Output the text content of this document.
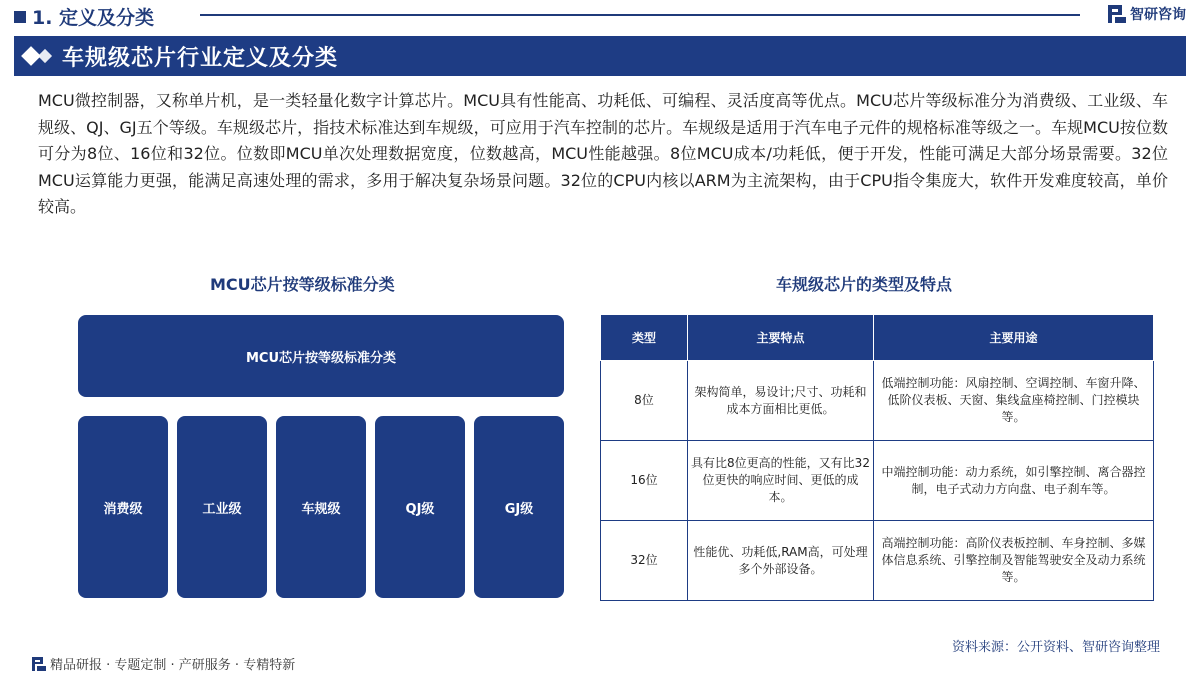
1. 定义及分类	智研咨询
车规级芯片行业定义及分类

MCU微控制器，又称单片机，是一类轻量化数字计算芯片。MCU具有性能高、功耗低、可编程、灵活度高等优点。MCU芯片等级标准分为消费级、工业级、车规级、QJ、GJ五个等级。车规级芯片，指技术标准达到车规级，可应用于汽车控制的芯片。车规级是适用于汽车电子元件的规格标准等级之一。车规MCU按位数可分为8位、16位和32位。位数即MCU单次处理数据宽度，位数越高，MCU性能越强。8位MCU成本/功耗低，便于开发，性能可满足大部分场景需要。32位MCU运算能力更强，能满足高速处理的需求，多用于解决复杂场景问题。32位的CPU内核以ARM为主流架构，由于CPU指令集庞大，软件开发难度较高，单价较高。

MCU芯片按等级标准分类	车规级芯片的类型及特点
MCU芯片按等级标准分类
消费级	工业级	车规级	QJ级	GJ级
类型	主要特点	主要用途
8位	架构简单，易设计;尺寸、功耗和成本方面相比更低。	低端控制功能：风扇控制、空调控制、车窗升降、低阶仪表板、天窗、集线盒座椅控制、门控模块等。
16位	具有比8位更高的性能，又有比32位更快的响应时间、更低的成本。	中端控制功能：动力系统，如引擎控制、离合器控制，电子式动力方向盘、电子刹车等。
32位	性能优、功耗低,RAM高，可处理多个外部设备。	高端控制功能：高阶仪表板控制、车身控制、多媒体信息系统、引擎控制及智能驾驶安全及动力系统等。
资料来源：公开资料、智研咨询整理
精品研报 · 专题定制 · 产研服务 · 专精特新
